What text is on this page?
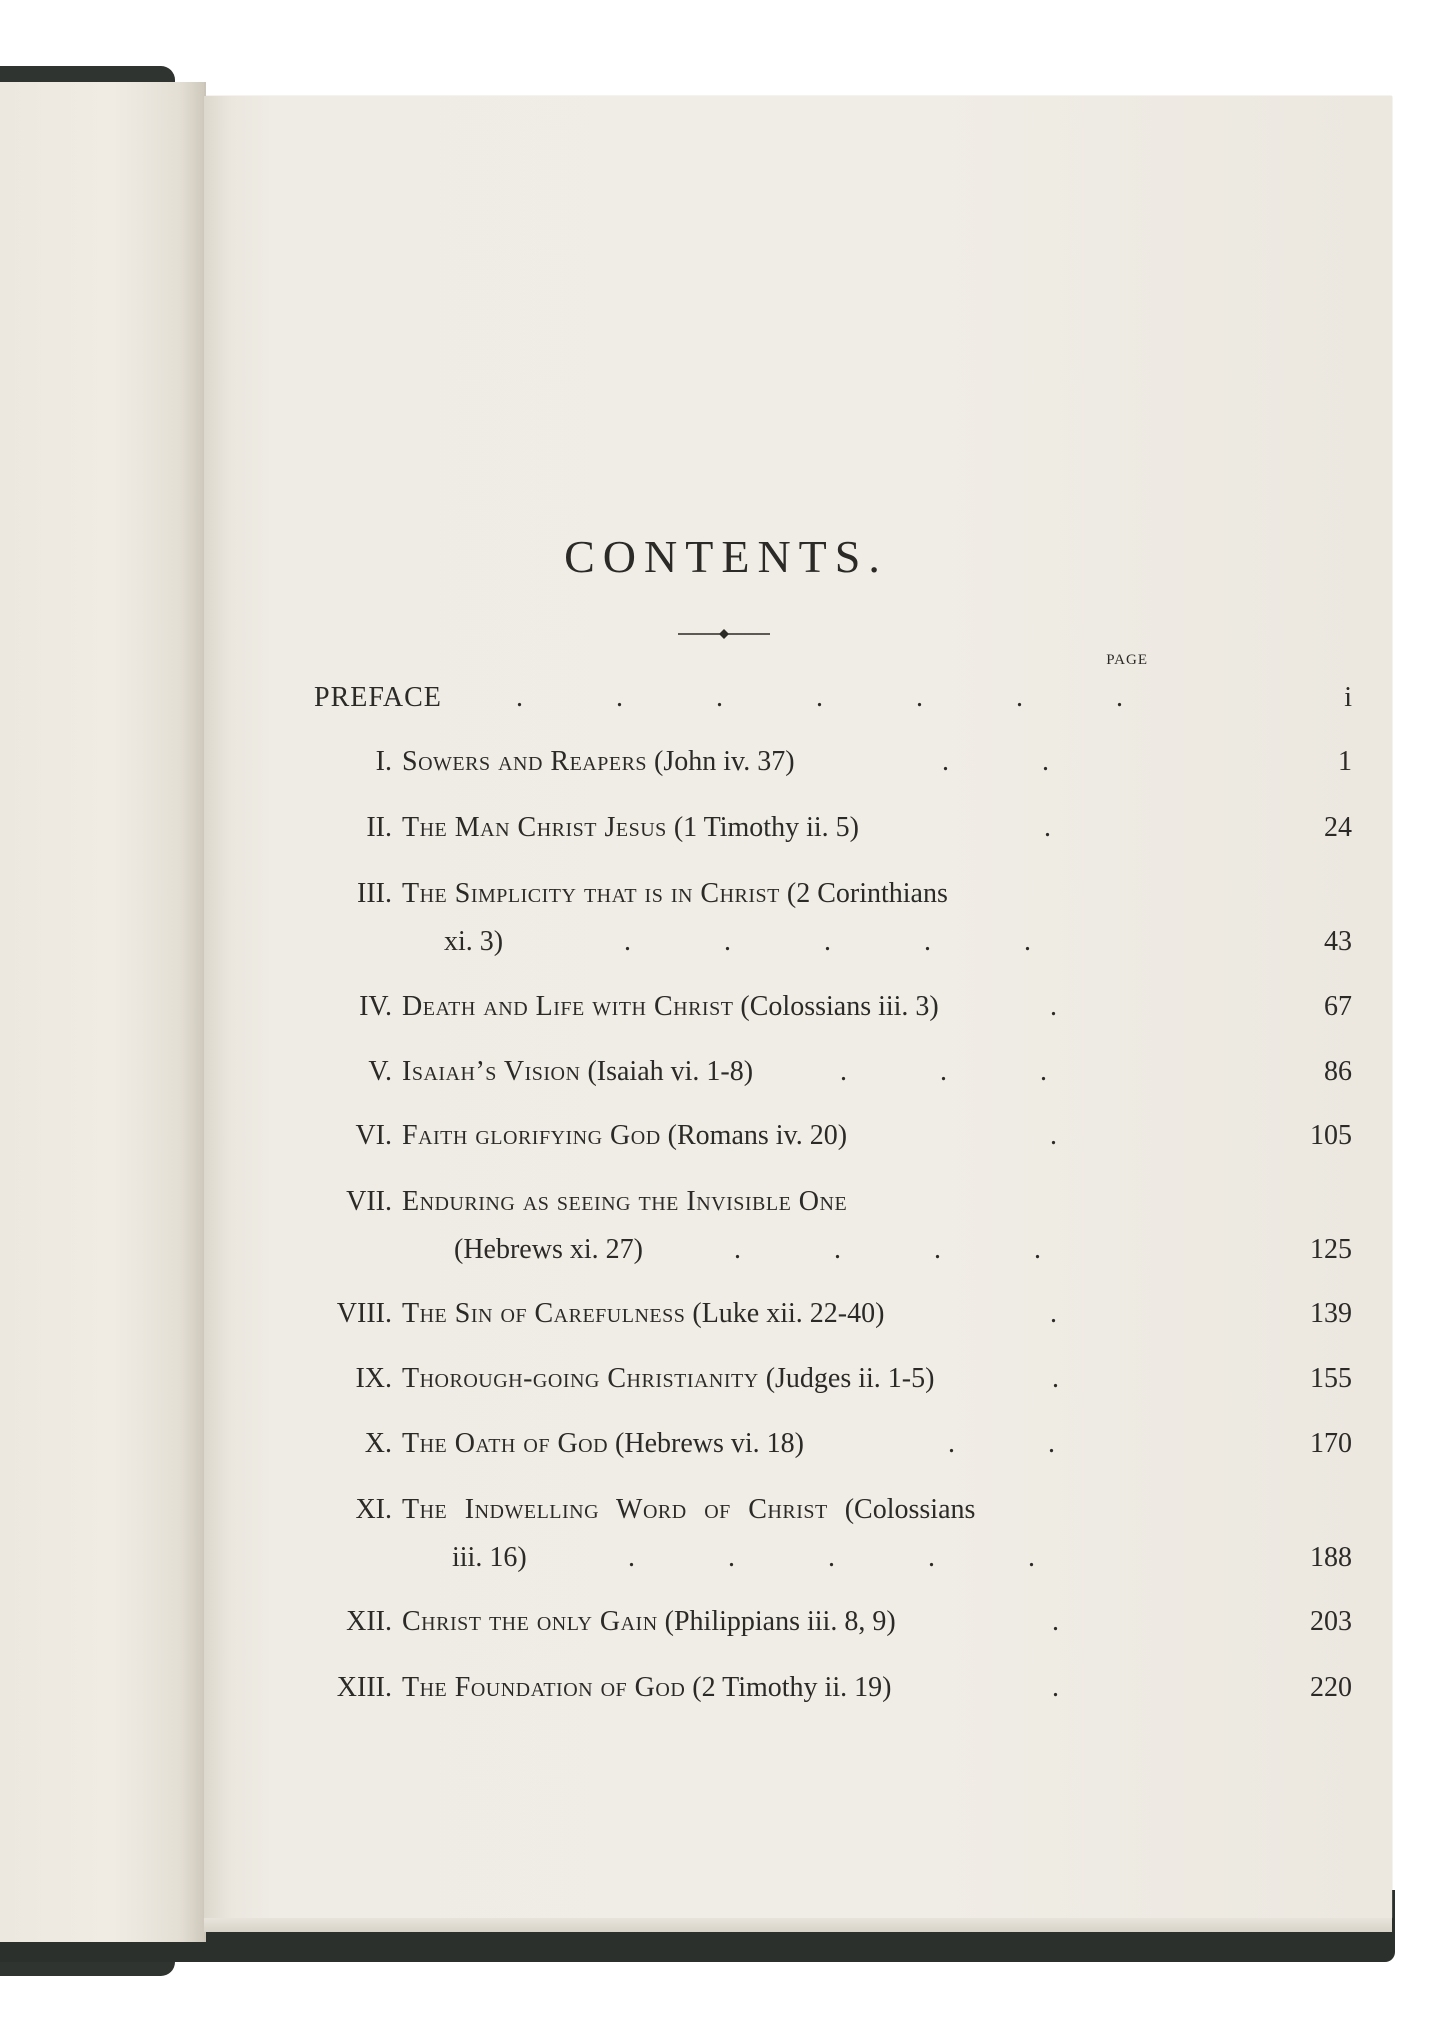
CONTENTS.
PAGE
PREFACE	. . . . . . .	i
I. Sowers and Reapers (John iv. 37)	. .	1
II. The Man Christ Jesus (1 Timothy ii. 5)	.	24
III. The Simplicity that is in Christ (2 Corinthians
xi. 3)	. . . . .	43
IV. Death and Life with Christ (Colossians iii. 3)	.	67
V. Isaiah’s Vision (Isaiah vi. 1-8)	. . .	86
VI. Faith glorifying God (Romans iv. 20)	.	105
VII. Enduring as seeing the Invisible One
(Hebrews xi. 27)	. . . .	125
VIII. The Sin of Carefulness (Luke xii. 22-40)	.	139
IX. Thorough-going Christianity (Judges ii. 1-5)	.	155
X. The Oath of God (Hebrews vi. 18)	. .	170
XI. The Indwelling Word of Christ (Colossians
iii. 16)	. . . . .	188
XII. Christ the only Gain (Philippians iii. 8, 9)	.	203
XIII. The Foundation of God (2 Timothy ii. 19)	.	220
